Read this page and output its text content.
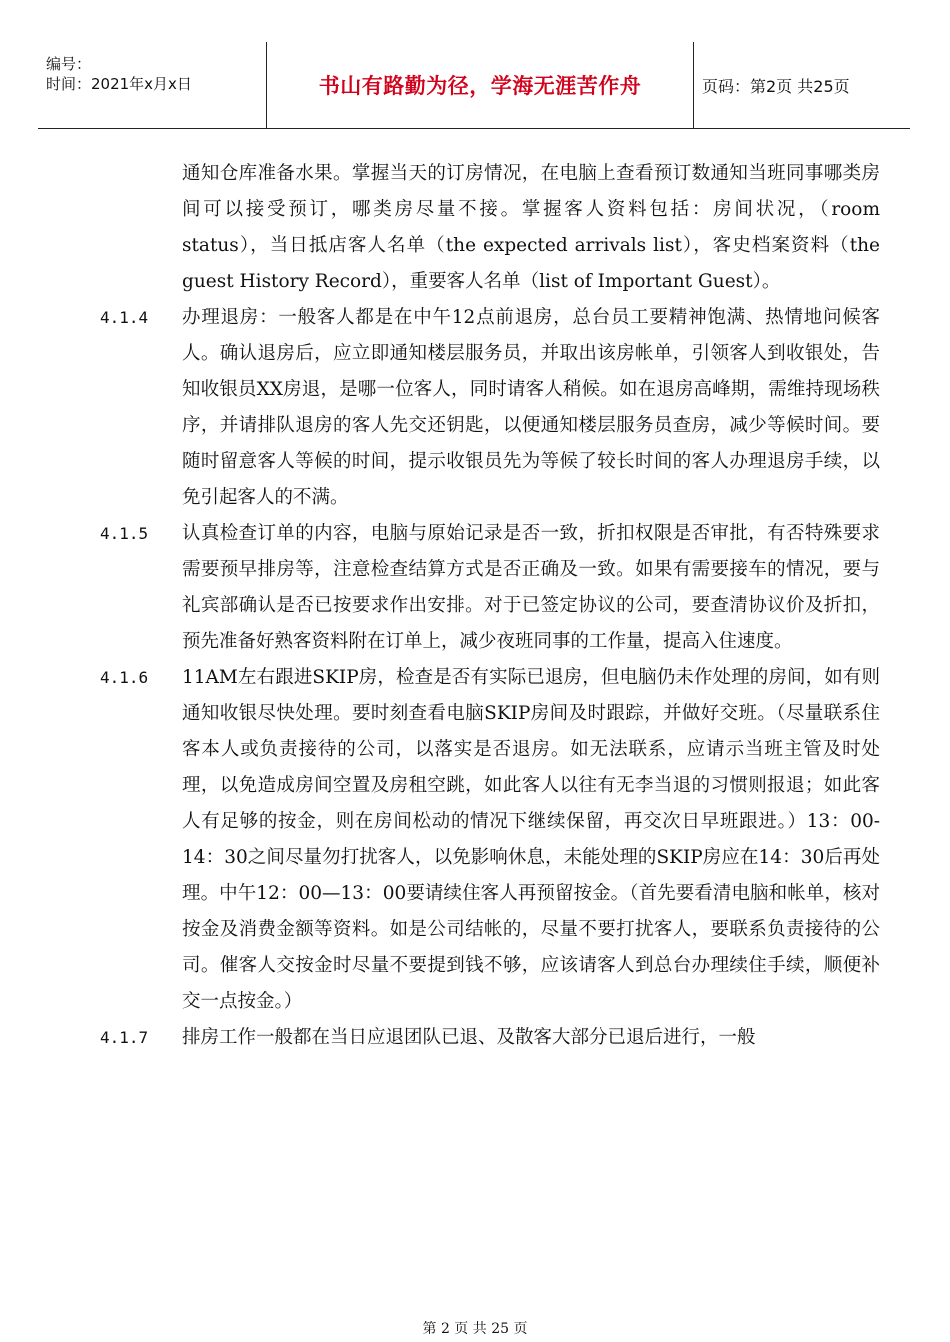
编号：
时间：2021年x月x日	书山有路勤为径，学海无涯苦作舟	页码：第2页 共25页
通知仓库准备水果。掌握当天的订房情况，在电脑上查看预订数通知当班同事哪类房间可以接受预订，哪类房尽量不接。掌握客人资料包括：房间状况，（room status），当日抵店客人名单（the expected arrivals list），客史档案资料（the guest History Record），重要客人名单（list of Important Guest）。
4.1.4 办理退房：一般客人都是在中午12点前退房，总台员工要精神饱满、热情地问候客人。确认退房后，应立即通知楼层服务员，并取出该房帐单，引领客人到收银处，告知收银员XX房退，是哪一位客人，同时请客人稍候。如在退房高峰期，需维持现场秩序，并请排队退房的客人先交还钥匙，以便通知楼层服务员查房，减少等候时间。要随时留意客人等候的时间，提示收银员先为等候了较长时间的客人办理退房手续，以免引起客人的不满。
4.1.5 认真检查订单的内容，电脑与原始记录是否一致，折扣权限是否审批，有否特殊要求需要预早排房等，注意检查结算方式是否正确及一致。如果有需要接车的情况，要与礼宾部确认是否已按要求作出安排。对于已签定协议的公司，要查清协议价及折扣，预先准备好熟客资料附在订单上，减少夜班同事的工作量，提高入住速度。
4.1.6 11AM左右跟进SKIP房，检查是否有实际已退房，但电脑仍未作处理的房间，如有则通知收银尽快处理。要时刻查看电脑SKIP房间及时跟踪，并做好交班。（尽量联系住客本人或负责接待的公司，以落实是否退房。如无法联系，应请示当班主管及时处理，以免造成房间空置及房租空跳，如此客人以往有无李当退的习惯则报退；如此客人有足够的按金，则在房间松动的情况下继续保留，再交次日早班跟进。）13：00-14：30之间尽量勿打扰客人，以免影响休息，未能处理的SKIP房应在14：30后再处理。中午12：00—13：00要请续住客人再预留按金。（首先要看清电脑和帐单，核对按金及消费金额等资料。如是公司结帐的，尽量不要打扰客人，要联系负责接待的公司。催客人交按金时尽量不要提到钱不够，应该请客人到总台办理续住手续，顺便补交一点按金。）
4.1.7 排房工作一般都在当日应退团队已退、及散客大部分已退后进行，一般
第 2 页 共 25 页
